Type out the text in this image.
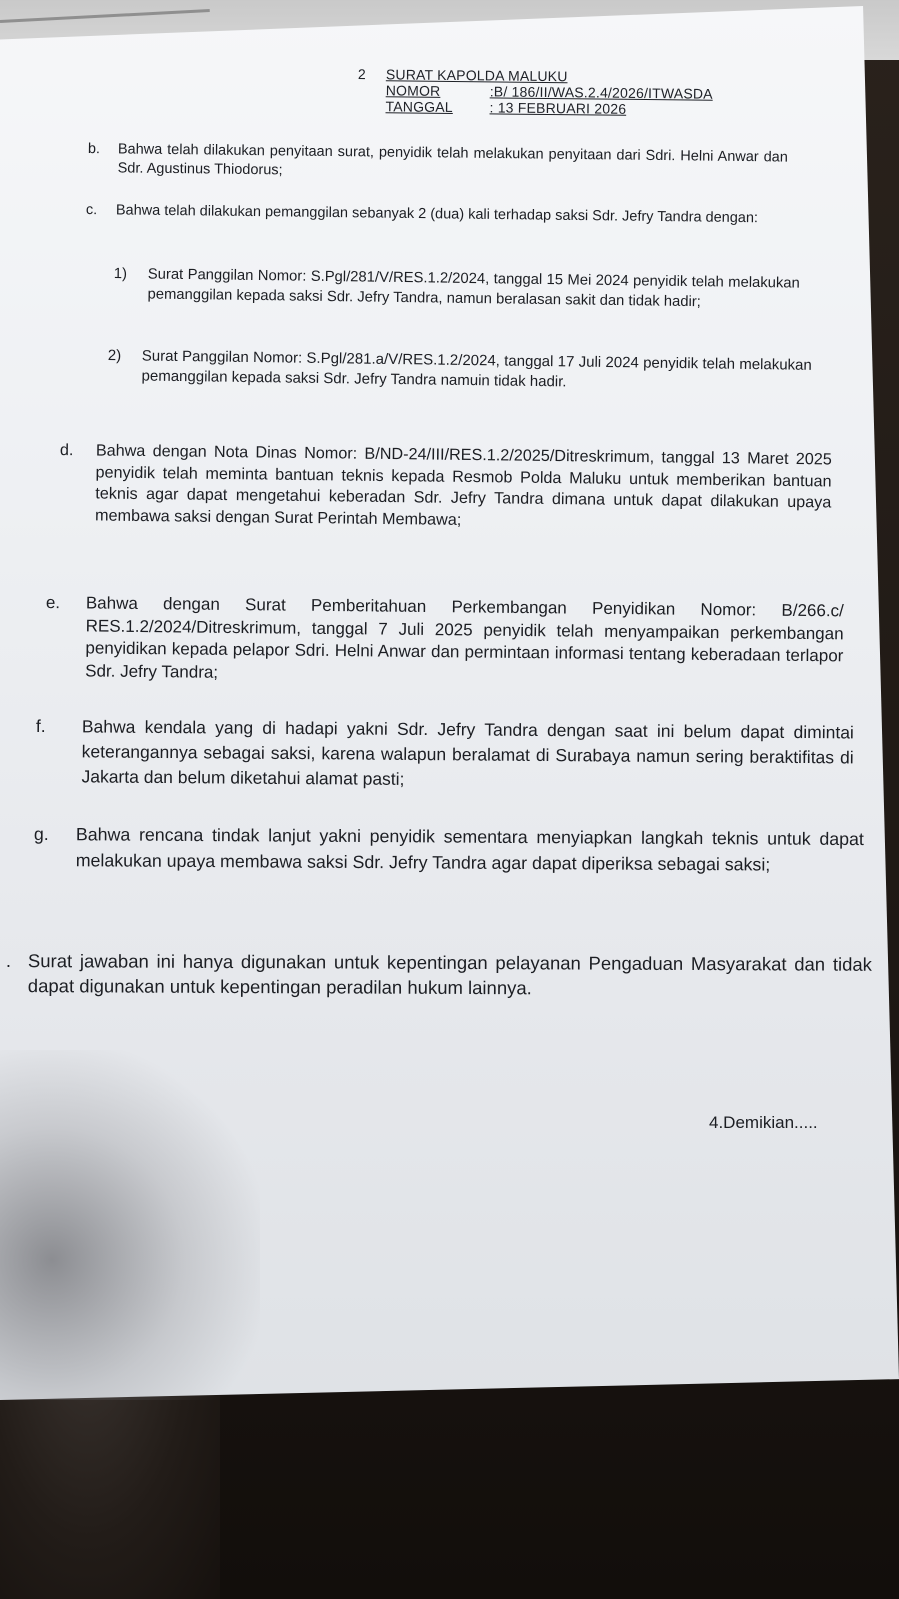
2	SURAT KAPOLDA MALUKU
NOMOR	:B/ 186/II/WAS.2.4/2026/ITWASDA
TANGGAL	: 13 FEBRUARI 2026
b.	Bahwa telah dilakukan penyitaan surat, penyidik telah melakukan penyitaan dari Sdri. Helni Anwar dan Sdr. Agustinus Thiodorus;
c.	Bahwa telah dilakukan pemanggilan sebanyak 2 (dua) kali terhadap saksi Sdr. Jefry Tandra dengan:
1)	Surat Panggilan Nomor: S.Pgl/281/V/RES.1.2/2024, tanggal 15 Mei 2024 penyidik telah melakukan pemanggilan kepada saksi Sdr. Jefry Tandra, namun beralasan sakit dan tidak hadir;
2)	Surat Panggilan Nomor: S.Pgl/281.a/V/RES.1.2/2024, tanggal 17 Juli 2024 penyidik telah melakukan pemanggilan kepada saksi Sdr. Jefry Tandra namuin tidak hadir.
d.	Bahwa dengan Nota Dinas Nomor: B/ND-24/III/RES.1.2/2025/Ditreskrimum, tanggal 13 Maret 2025 penyidik telah meminta bantuan teknis kepada Resmob Polda Maluku untuk memberikan bantuan teknis agar dapat mengetahui keberadan Sdr. Jefry Tandra dimana untuk dapat dilakukan upaya membawa saksi dengan Surat Perintah Membawa;
e.	Bahwa dengan Surat Pemberitahuan Perkembangan Penyidikan Nomor: B/266.c/ RES.1.2/2024/Ditreskrimum, tanggal 7 Juli 2025 penyidik telah menyampaikan perkembangan penyidikan kepada pelapor Sdri. Helni Anwar dan permintaan informasi tentang keberadaan terlapor Sdr. Jefry Tandra;
f.	Bahwa kendala yang di hadapi yakni Sdr. Jefry Tandra dengan saat ini belum dapat dimintai keterangannya sebagai saksi, karena walapun beralamat di Surabaya namun sering beraktifitas di Jakarta dan belum diketahui alamat pasti;
g.	Bahwa rencana tindak lanjut yakni penyidik sementara menyiapkan langkah teknis untuk dapat melakukan upaya membawa saksi Sdr. Jefry Tandra agar dapat diperiksa sebagai saksi;
. Surat jawaban ini hanya digunakan untuk kepentingan pelayanan Pengaduan Masyarakat dan tidak dapat digunakan untuk kepentingan peradilan hukum lainnya.
4.Demikian.....
